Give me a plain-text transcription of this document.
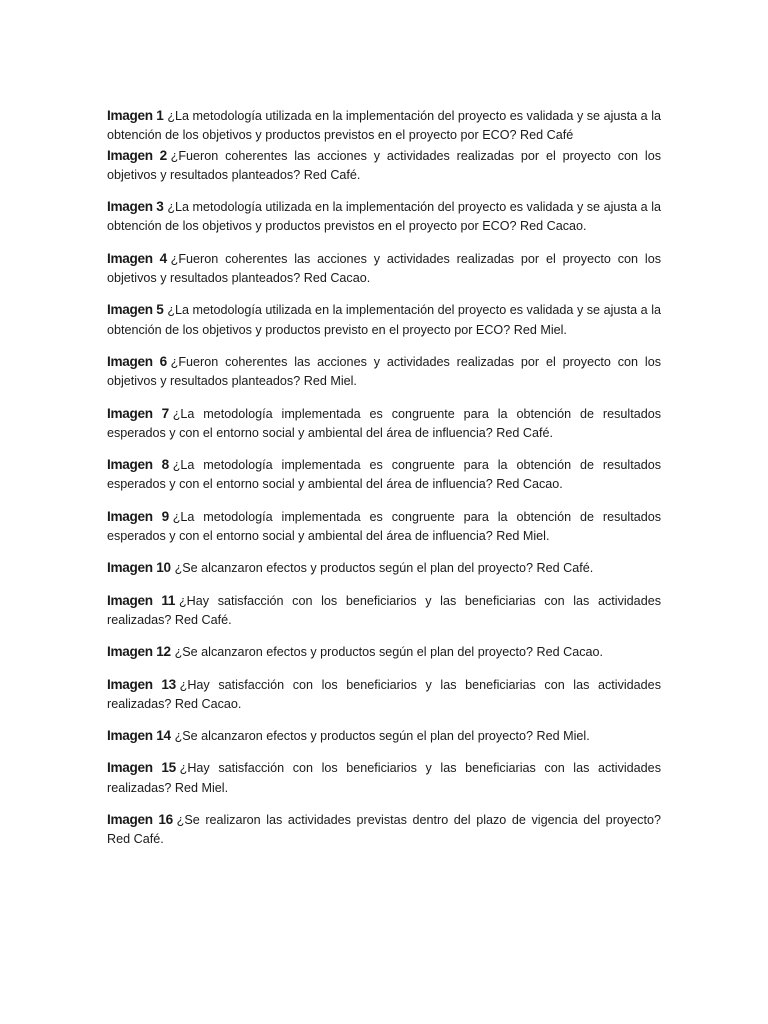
Imagen 1 ¿La metodología utilizada en la implementación del proyecto es validada y se ajusta a la obtención de los objetivos y productos previstos en el proyecto por ECO? Red Café

Imagen 2 ¿Fueron coherentes las acciones y actividades realizadas por el proyecto con los objetivos y resultados planteados? Red Café.

Imagen 3 ¿La metodología utilizada en la implementación del proyecto es validada y se ajusta a la obtención de los objetivos y productos previstos en el proyecto por ECO? Red Cacao.

Imagen 4 ¿Fueron coherentes las acciones y actividades realizadas por el proyecto con los objetivos y resultados planteados? Red Cacao.

Imagen 5 ¿La metodología utilizada en la implementación del proyecto es validada y se ajusta a la obtención de los objetivos y productos previsto en el proyecto por ECO? Red Miel.

Imagen 6 ¿Fueron coherentes las acciones y actividades realizadas por el proyecto con los objetivos y resultados planteados? Red Miel.

Imagen 7 ¿La metodología implementada es congruente para la obtención de resultados esperados y con el entorno social y ambiental del área de influencia? Red Café.

Imagen 8 ¿La metodología implementada es congruente para la obtención de resultados esperados y con el entorno social y ambiental del área de influencia? Red Cacao.

Imagen 9 ¿La metodología implementada es congruente para la obtención de resultados esperados y con el entorno social y ambiental del área de influencia? Red Miel.

Imagen 10 ¿Se alcanzaron efectos y productos según el plan del proyecto? Red Café.

Imagen 11 ¿Hay satisfacción con los beneficiarios y las beneficiarias con las actividades realizadas? Red Café.

Imagen 12 ¿Se alcanzaron efectos y productos según el plan del proyecto? Red Cacao.

Imagen 13 ¿Hay satisfacción con los beneficiarios y las beneficiarias con las actividades realizadas? Red Cacao.

Imagen 14 ¿Se alcanzaron efectos y productos según el plan del proyecto? Red Miel.

Imagen 15 ¿Hay satisfacción con los beneficiarios y las beneficiarias con las actividades realizadas? Red Miel.

Imagen 16 ¿Se realizaron las actividades previstas dentro del plazo de vigencia del proyecto? Red Café.
